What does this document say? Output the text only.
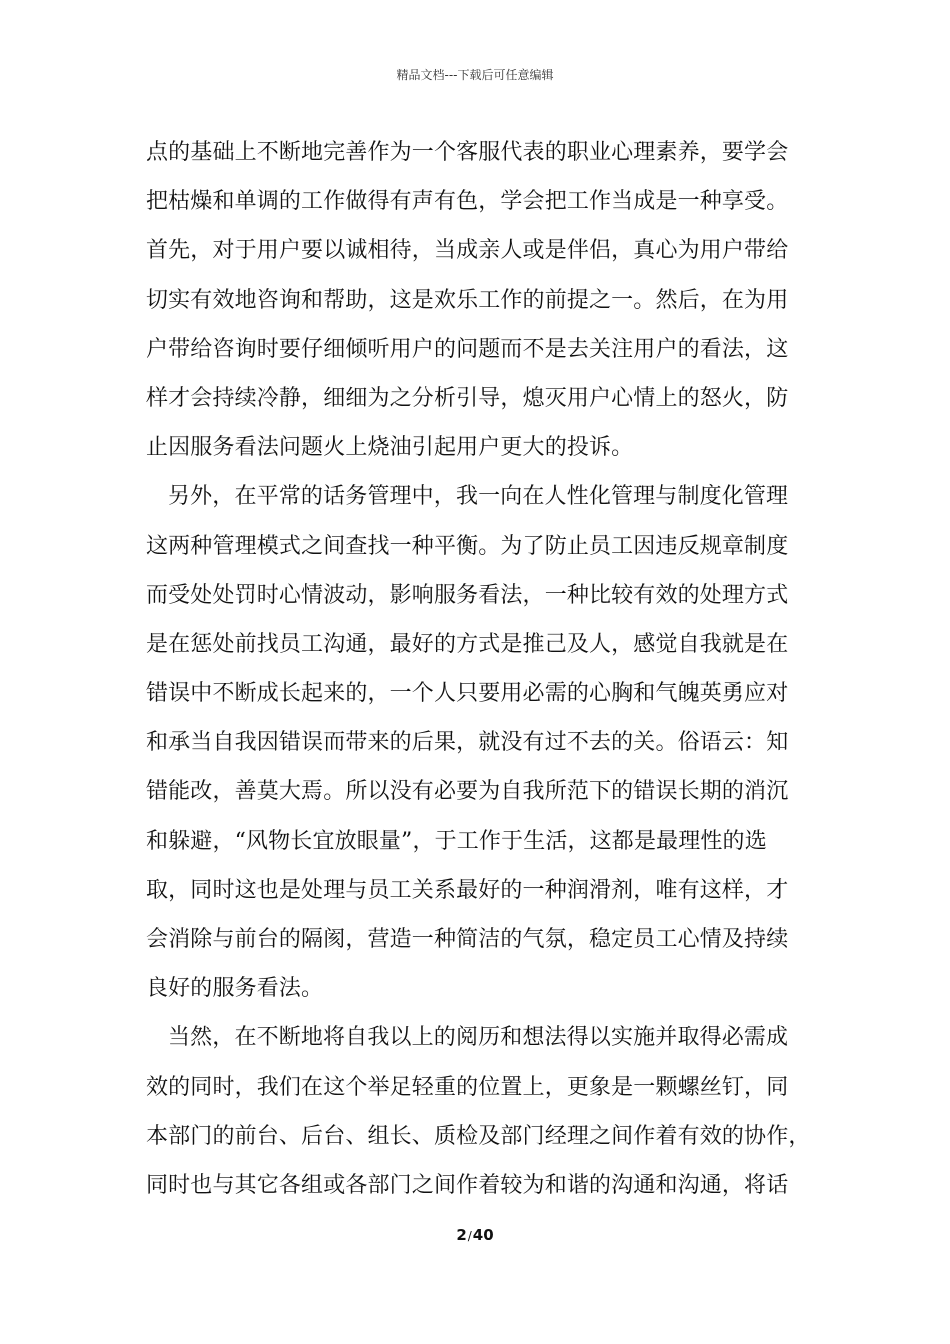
精品文档---下载后可任意编辑
点的基础上不断地完善作为一个客服代表的职业心理素养，要学会
把枯燥和单调的工作做得有声有色，学会把工作当成是一种享受。
首先，对于用户要以诚相待，当成亲人或是伴侣，真心为用户带给
切实有效地咨询和帮助，这是欢乐工作的前提之一。然后，在为用
户带给咨询时要仔细倾听用户的问题而不是去关注用户的看法，这
样才会持续冷静，细细为之分析引导，熄灭用户心情上的怒火，防
止因服务看法问题火上烧油引起用户更大的投诉。
另外，在平常的话务管理中，我一向在人性化管理与制度化管理
这两种管理模式之间查找一种平衡。为了防止员工因违反规章制度
而受处处罚时心情波动，影响服务看法，一种比较有效的处理方式
是在惩处前找员工沟通，最好的方式是推己及人，感觉自我就是在
错误中不断成长起来的，一个人只要用必需的心胸和气魄英勇应对
和承当自我因错误而带来的后果，就没有过不去的关。俗语云：知
错能改，善莫大焉。所以没有必要为自我所范下的错误长期的消沉
和躲避，“风物长宜放眼量”，于工作于生活，这都是最理性的选
取，同时这也是处理与员工关系最好的一种润滑剂，唯有这样，才
会消除与前台的隔阂，营造一种简洁的气氛，稳定员工心情及持续
良好的服务看法。
当然，在不断地将自我以上的阅历和想法得以实施并取得必需成
效的同时，我们在这个举足轻重的位置上，更象是一颗螺丝钉，同
本部门的前台、后台、组长、质检及部门经理之间作着有效的协作，
同时也与其它各组或各部门之间作着较为和谐的沟通和沟通，将话
2/40
